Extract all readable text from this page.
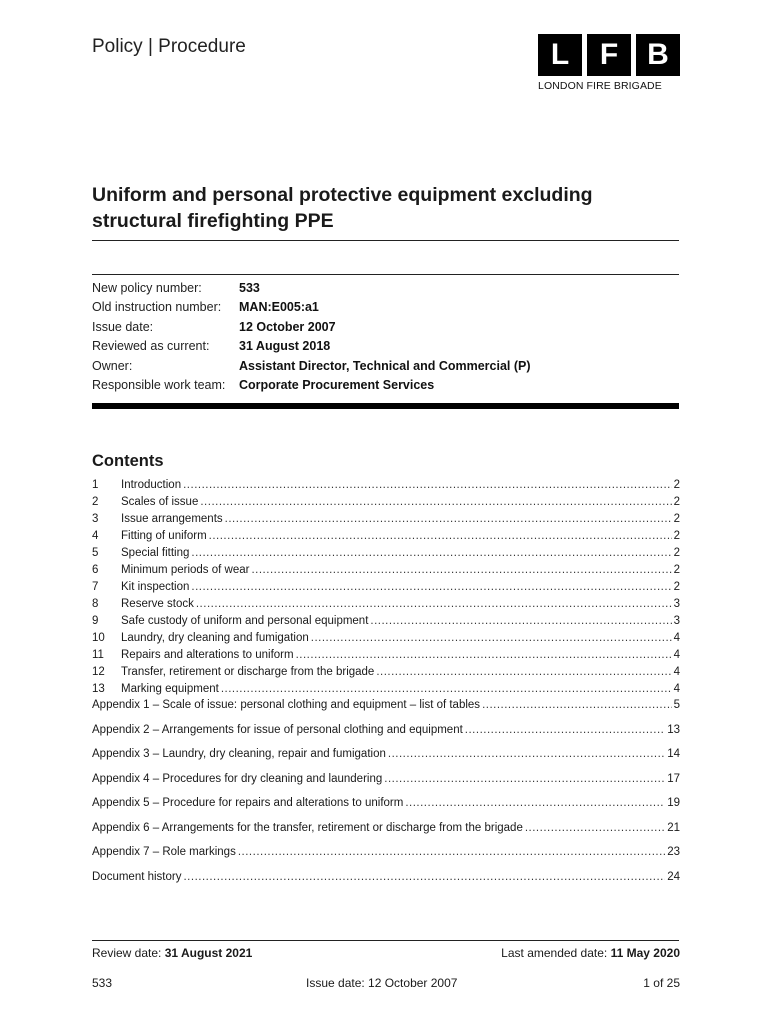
Policy | Procedure	L	F B
LONDON FIRE BRIGADE
Uniform and personal protective equipment excluding structural firefighting PPE
New policy number:	533
Old instruction number:	MAN:E005:a1
Issue date:	12 October 2007
Reviewed as current:	31 August 2018
Owner:	Assistant Director, Technical and Commercial (P)
Responsible work team:	Corporate Procurement Services
Contents
1	Introduction .....	2
2	Scales of issue .....	2
3	Issue arrangements .....	2
4	Fitting of uniform .....	2
5	Special fitting .....	2
6	Minimum periods of wear .....	2
7	Kit inspection .....	2
8	Reserve stock .....	3
9	Safe custody of uniform and personal equipment .....	3
10	Laundry, dry cleaning and fumigation .....	4
11	Repairs and alterations to uniform .....	4
12	Transfer, retirement or discharge from the brigade .....	4
13	Marking equipment .....	4
Appendix 1 – Scale of issue: personal clothing and equipment – list of tables .....	5
Appendix 2 – Arrangements for issue of personal clothing and equipment .....	13
Appendix 3 – Laundry, dry cleaning, repair and fumigation .....	14
Appendix 4 – Procedures for dry cleaning and laundering .....	17
Appendix 5 – Procedure for repairs and alterations to uniform .....	19
Appendix 6 – Arrangements for the transfer, retirement or discharge from the brigade .....	21
Appendix 7 – Role markings .....	23
Document history .....	24
Review date: 31 August 2021	Last amended date: 11 May 2020
533	Issue date: 12 October 2007	1 of 25
